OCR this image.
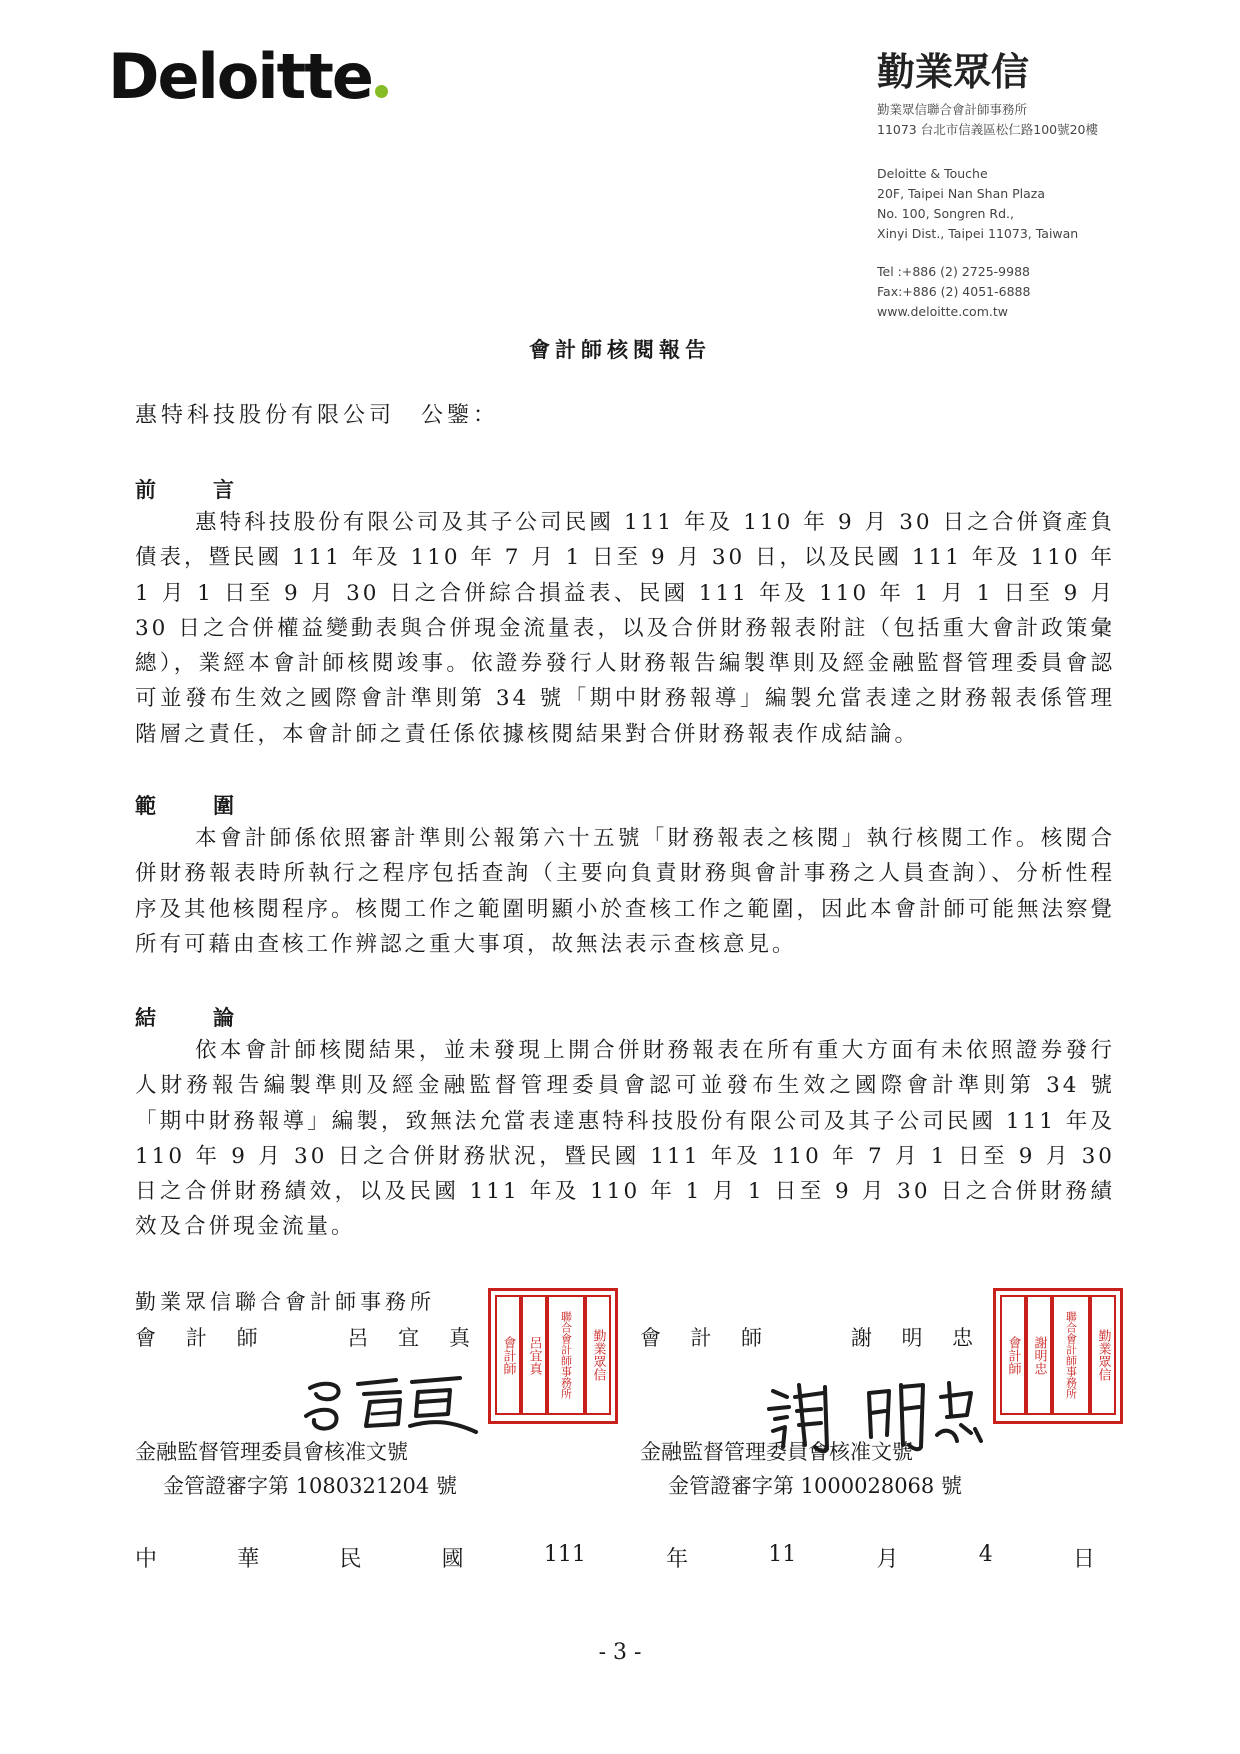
Deloitte	勤業眾信
勤業眾信聯合會計師事務所
11073 台北市信義區松仁路100號20樓
Deloitte & Touche
20F, Taipei Nan Shan Plaza
No. 100, Songren Rd.,
Xinyi Dist., Taipei 11073, Taiwan
Tel :+886 (2) 2725-9988
Fax:+886 (2) 4051-6888
www.deloitte.com.tw
會計師核閱報告
惠特科技股份有限公司　公鑒：
前	言
惠特科技股份有限公司及其子公司民國 111 年及 110 年 9 月 30 日之合併資產負債表，暨民國 111 年及 110 年 7 月 1 日至 9 月 30 日，以及民國 111 年及 110 年 1 月 1 日至 9 月 30 日之合併綜合損益表、民國 111 年及 110 年 1 月 1 日至 9 月 30 日之合併權益變動表與合併現金流量表，以及合併財務報表附註（包括重大會計政策彙總），業經本會計師核閱竣事。依證券發行人財務報告編製準則及經金融監督管理委員會認可並發布生效之國際會計準則第 34 號「期中財務報導」編製允當表達之財務報表係管理階層之責任，本會計師之責任係依據核閱結果對合併財務報表作成結論。
範	圍
本會計師係依照審計準則公報第六十五號「財務報表之核閱」執行核閱工作。核閱合併財務報表時所執行之程序包括查詢（主要向負責財務與會計事務之人員查詢）、分析性程序及其他核閱程序。核閱工作之範圍明顯小於查核工作之範圍，因此本會計師可能無法察覺所有可藉由查核工作辨認之重大事項，故無法表示查核意見。
結	論
依本會計師核閱結果，並未發現上開合併財務報表在所有重大方面有未依照證券發行人財務報告編製準則及經金融監督管理委員會認可並發布生效之國際會計準則第 34 號「期中財務報導」編製，致無法允當表達惠特科技股份有限公司及其子公司民國 111 年及 110 年 9 月 30 日之合併財務狀況，暨民國 111 年及 110 年 7 月 1 日至 9 月 30 日之合併財務績效，以及民國 111 年及 110 年 1 月 1 日至 9 月 30 日之合併財務績效及合併現金流量。
勤業眾信聯合會計師事務所
會 計 師	呂 宜 真	會 計 師	謝 明 忠
會計師 呂宜真	聯合會計師事務所	勤業眾信	會計師 謝明忠	聯合會計師事務所	勤業眾信
金融監督管理委員會核准文號
金管證審字第 1080321204 號
金融監督管理委員會核准文號
金管證審字第 1000028068 號
中	華	民	國	111	年	11	月	4	日
- 3 -
